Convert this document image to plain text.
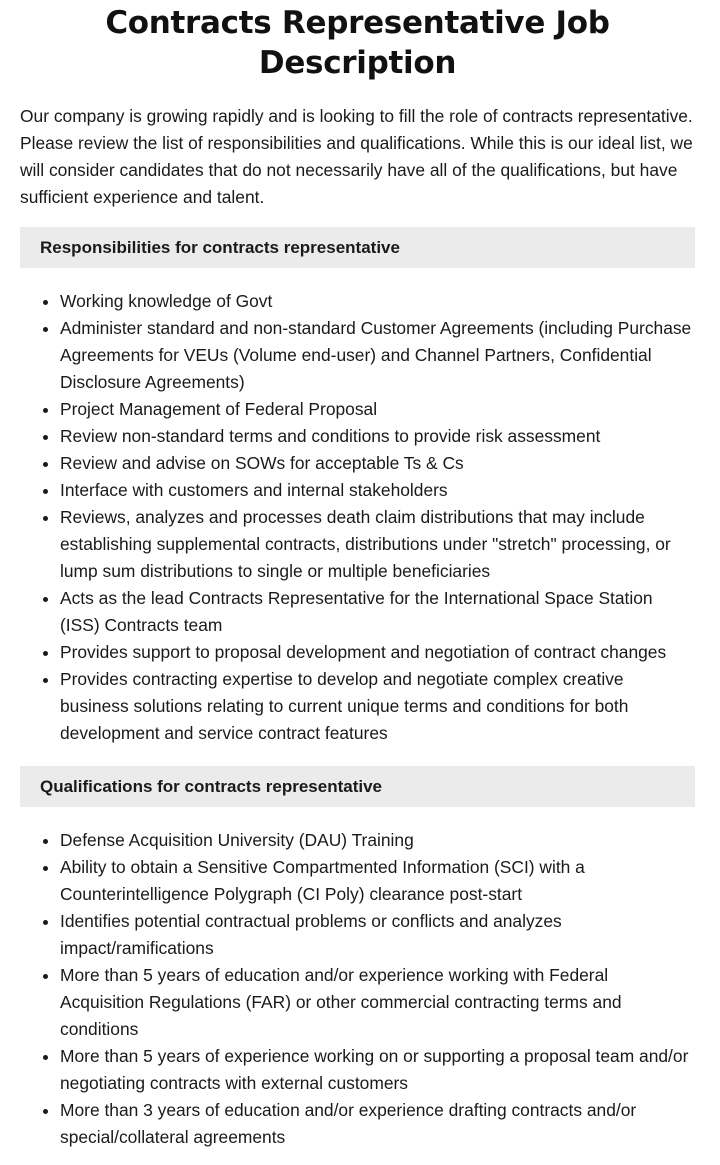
Contracts Representative Job Description

Our company is growing rapidly and is looking to fill the role of contracts representative. Please review the list of responsibilities and qualifications. While this is our ideal list, we will consider candidates that do not necessarily have all of the qualifications, but have sufficient experience and talent.

Responsibilities for contracts representative
• Working knowledge of Govt
• Administer standard and non-standard Customer Agreements (including Purchase Agreements for VEUs (Volume end-user) and Channel Partners, Confidential Disclosure Agreements)
• Project Management of Federal Proposal
• Review non-standard terms and conditions to provide risk assessment
• Review and advise on SOWs for acceptable Ts & Cs
• Interface with customers and internal stakeholders
• Reviews, analyzes and processes death claim distributions that may include establishing supplemental contracts, distributions under "stretch" processing, or lump sum distributions to single or multiple beneficiaries
• Acts as the lead Contracts Representative for the International Space Station (ISS) Contracts team
• Provides support to proposal development and negotiation of contract changes
• Provides contracting expertise to develop and negotiate complex creative business solutions relating to current unique terms and conditions for both development and service contract features
Qualifications for contracts representative
• Defense Acquisition University (DAU) Training
• Ability to obtain a Sensitive Compartmented Information (SCI) with a Counterintelligence Polygraph (CI Poly) clearance post-start
• Identifies potential contractual problems or conflicts and analyzes impact/ramifications
• More than 5 years of education and/or experience working with Federal Acquisition Regulations (FAR) or other commercial contracting terms and conditions
• More than 5 years of experience working on or supporting a proposal team and/or negotiating contracts with external customers
• More than 3 years of education and/or experience drafting contracts and/or special/collateral agreements
